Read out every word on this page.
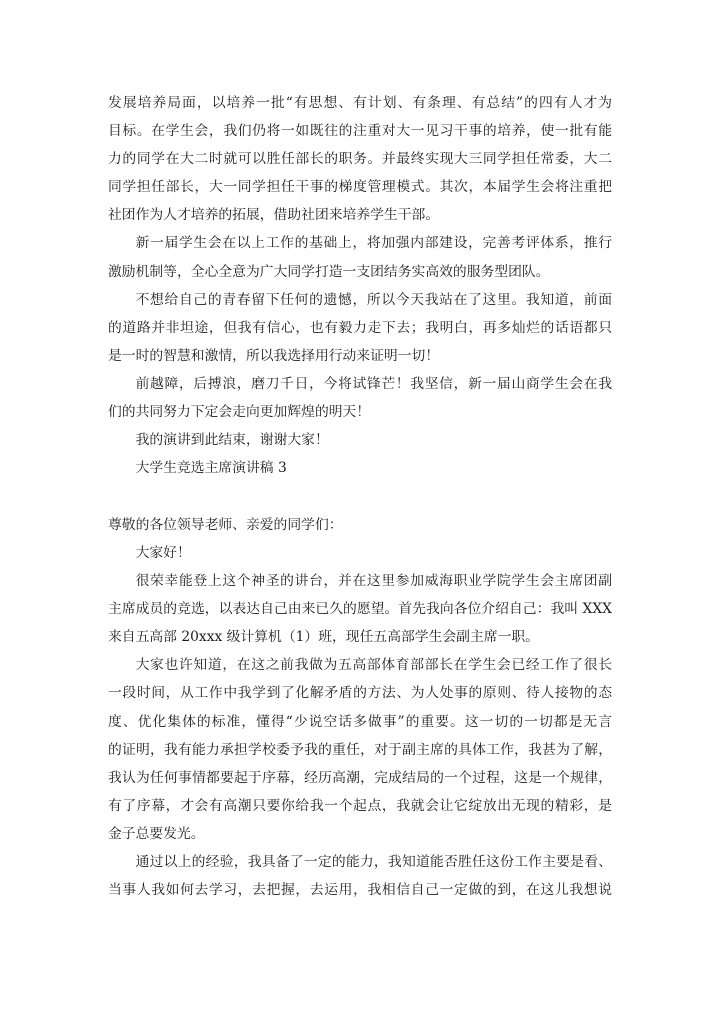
发展培养局面，以培养一批“有思想、有计划、有条理、有总结”的四有人才为
目标。在学生会，我们仍将一如既往的注重对大一见习干事的培养，使一批有能
力的同学在大二时就可以胜任部长的职务。并最终实现大三同学担任常委，大二
同学担任部长，大一同学担任干事的梯度管理模式。其次，本届学生会将注重把
社团作为人才培养的拓展，借助社团来培养学生干部。
新一届学生会在以上工作的基础上，将加强内部建设，完善考评体系，推行
激励机制等，全心全意为广大同学打造一支团结务实高效的服务型团队。
不想给自己的青春留下任何的遗憾，所以今天我站在了这里。我知道，前面
的道路并非坦途，但我有信心，也有毅力走下去；我明白，再多灿烂的话语都只
是一时的智慧和激情，所以我选择用行动来证明一切！
前越障，后搏浪，磨刀千日，今将试锋芒！我坚信，新一届山商学生会在我
们的共同努力下定会走向更加辉煌的明天！
我的演讲到此结束，谢谢大家！
大学生竞选主席演讲稿 3
尊敬的各位领导老师、亲爱的同学们：
大家好！
很荣幸能登上这个神圣的讲台，并在这里参加威海职业学院学生会主席团副
主席成员的竞选，以表达自己由来已久的愿望。首先我向各位介绍自己：我叫 XXX
来自五高部 20xxx 级计算机（1）班，现任五高部学生会副主席一职。
大家也许知道，在这之前我做为五高部体育部部长在学生会已经工作了很长
一段时间，从工作中我学到了化解矛盾的方法、为人处事的原则、待人接物的态
度、优化集体的标准，懂得“少说空话多做事”的重要。这一切的一切都是无言
的证明，我有能力承担学校委予我的重任，对于副主席的具体工作，我甚为了解，
我认为任何事情都要起于序幕，经历高潮，完成结局的一个过程，这是一个规律，
有了序幕，才会有高潮只要你给我一个起点，我就会让它绽放出无现的精彩，是
金子总要发光。
通过以上的经验，我具备了一定的能力，我知道能否胜任这份工作主要是看、
当事人我如何去学习，去把握，去运用，我相信自己一定做的到，在这儿我想说
